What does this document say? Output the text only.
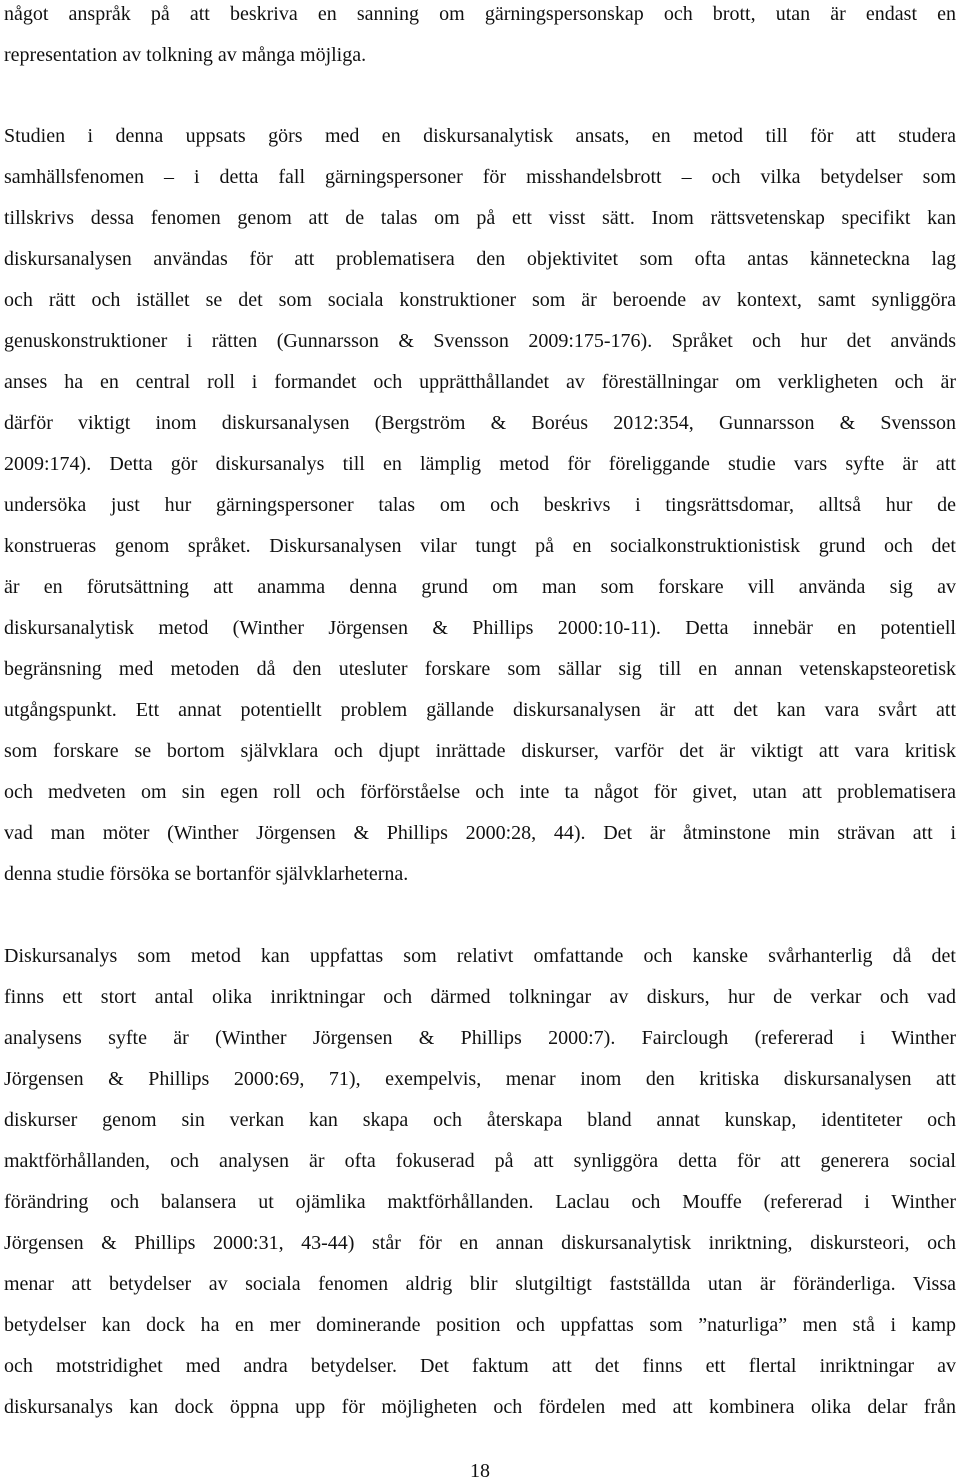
något anspråk på att beskriva en sanning om gärningspersonskap och brott, utan är endast en
representation av tolkning av många möjliga.
Studien i denna uppsats görs med en diskursanalytisk ansats, en metod till för att studera
samhällsfenomen – i detta fall gärningspersoner för misshandelsbrott – och vilka betydelser som
tillskrivs dessa fenomen genom att de talas om på ett visst sätt. Inom rättsvetenskap specifikt kan
diskursanalysen användas för att problematisera den objektivitet som ofta antas känneteckna lag
och rätt och istället se det som sociala konstruktioner som är beroende av kontext, samt synliggöra
genuskonstruktioner i rätten (Gunnarsson & Svensson 2009:175-176). Språket och hur det används
anses ha en central roll i formandet och upprätthållandet av föreställningar om verkligheten och är
därför viktigt inom diskursanalysen (Bergström & Boréus 2012:354, Gunnarsson & Svensson
2009:174). Detta gör diskursanalys till en lämplig metod för föreliggande studie vars syfte är att
undersöka just hur gärningspersoner talas om och beskrivs i tingsrättsdomar, alltså hur de
konstrueras genom språket. Diskursanalysen vilar tungt på en socialkonstruktionistisk grund och det
är en förutsättning att anamma denna grund om man som forskare vill använda sig av
diskursanalytisk metod (Winther Jörgensen & Phillips 2000:10-11). Detta innebär en potentiell
begränsning med metoden då den utesluter forskare som sällar sig till en annan vetenskapsteoretisk
utgångspunkt. Ett annat potentiellt problem gällande diskursanalysen är att det kan vara svårt att
som forskare se bortom självklara och djupt inrättade diskurser, varför det är viktigt att vara kritisk
och medveten om sin egen roll och förförståelse och inte ta något för givet, utan att problematisera
vad man möter (Winther Jörgensen & Phillips 2000:28, 44). Det är åtminstone min strävan att i
denna studie försöka se bortanför självklarheterna.
Diskursanalys som metod kan uppfattas som relativt omfattande och kanske svårhanterlig då det
finns ett stort antal olika inriktningar och därmed tolkningar av diskurs, hur de verkar och vad
analysens syfte är (Winther Jörgensen & Phillips 2000:7). Fairclough (refererad i Winther
Jörgensen & Phillips 2000:69, 71), exempelvis, menar inom den kritiska diskursanalysen att
diskurser genom sin verkan kan skapa och återskapa bland annat kunskap, identiteter och
maktförhållanden, och analysen är ofta fokuserad på att synliggöra detta för att generera social
förändring och balansera ut ojämlika maktförhållanden. Laclau och Mouffe (refererad i Winther
Jörgensen & Phillips 2000:31, 43-44) står för en annan diskursanalytisk inriktning, diskursteori, och
menar att betydelser av sociala fenomen aldrig blir slutgiltigt fastställda utan är föränderliga. Vissa
betydelser kan dock ha en mer dominerande position och uppfattas som ”naturliga” men stå i kamp
och motstridighet med andra betydelser. Det faktum att det finns ett flertal inriktningar av
diskursanalys kan dock öppna upp för möjligheten och fördelen med att kombinera olika delar från
18
